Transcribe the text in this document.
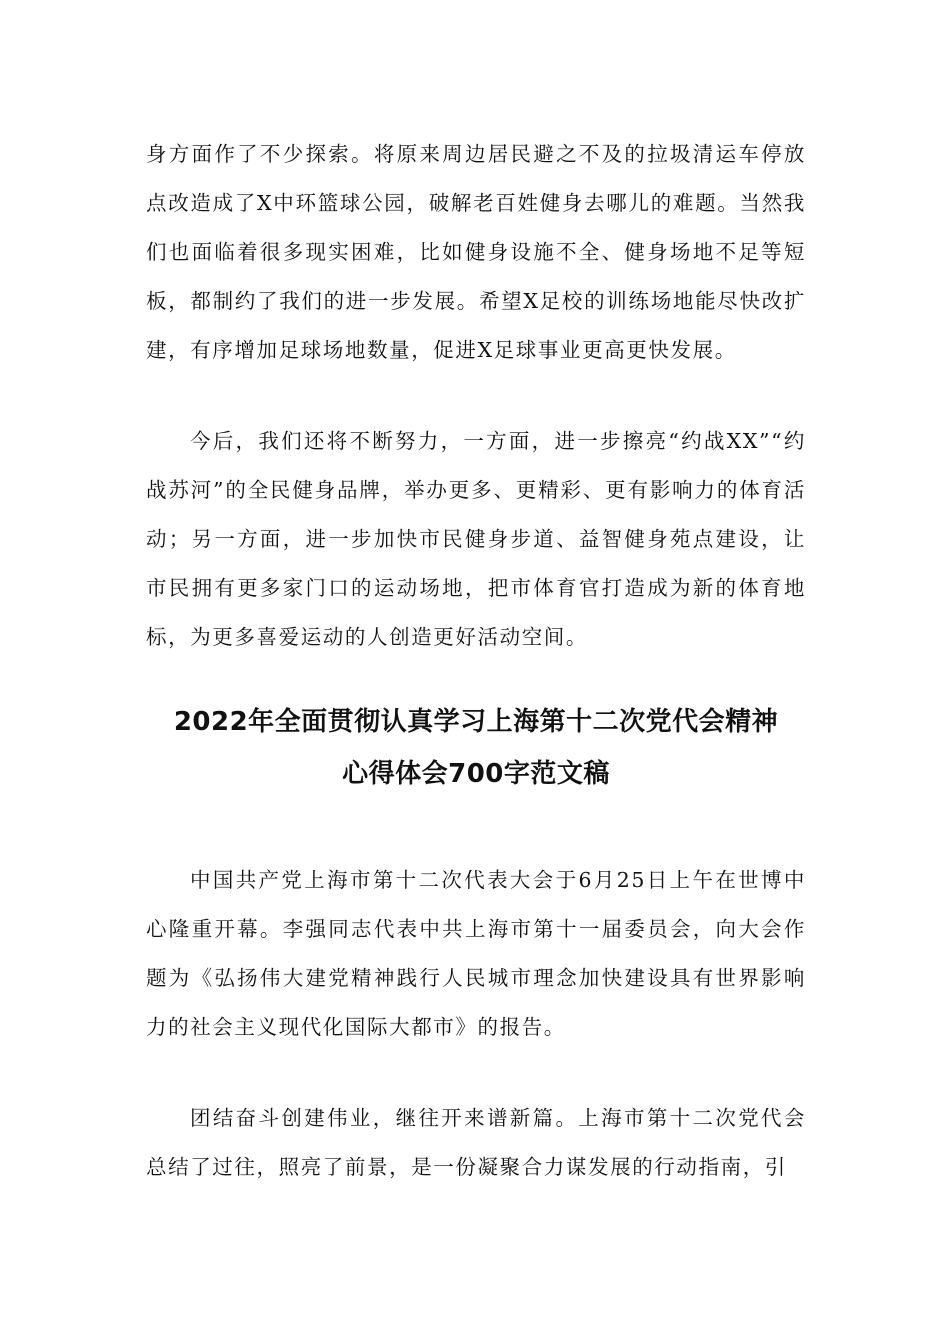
身方面作了不少探索。将原来周边居民避之不及的拉圾清运车停放点改造成了X中环篮球公园，破解老百姓健身去哪儿的难题。当然我们也面临着很多现实困难，比如健身设施不全、健身场地不足等短板，都制约了我们的进一步发展。希望X足校的训练场地能尽快改扩建，有序增加足球场地数量，促进X足球事业更高更快发展。

今后，我们还将不断努力，一方面，进一步擦亮“约战XX”“约战苏河”的全民健身品牌，举办更多、更精彩、更有影响力的体育活动；另一方面，进一步加快市民健身步道、益智健身苑点建设，让市民拥有更多家门口的运动场地，把市体育官打造成为新的体育地标，为更多喜爱运动的人创造更好活动空间。

2022年全面贯彻认真学习上海第十二次党代会精神
心得体会700字范文稿

中国共产党上海市第十二次代表大会于6月25日上午在世博中心隆重开幕。李强同志代表中共上海市第十一届委员会，向大会作题为《弘扬伟大建党精神践行人民城市理念加快建设具有世界影响力的社会主义现代化国际大都市》的报告。

团结奋斗创建伟业，继往开来谱新篇。上海市第十二次党代会总结了过往，照亮了前景，是一份凝聚合力谋发展的行动指南，引
